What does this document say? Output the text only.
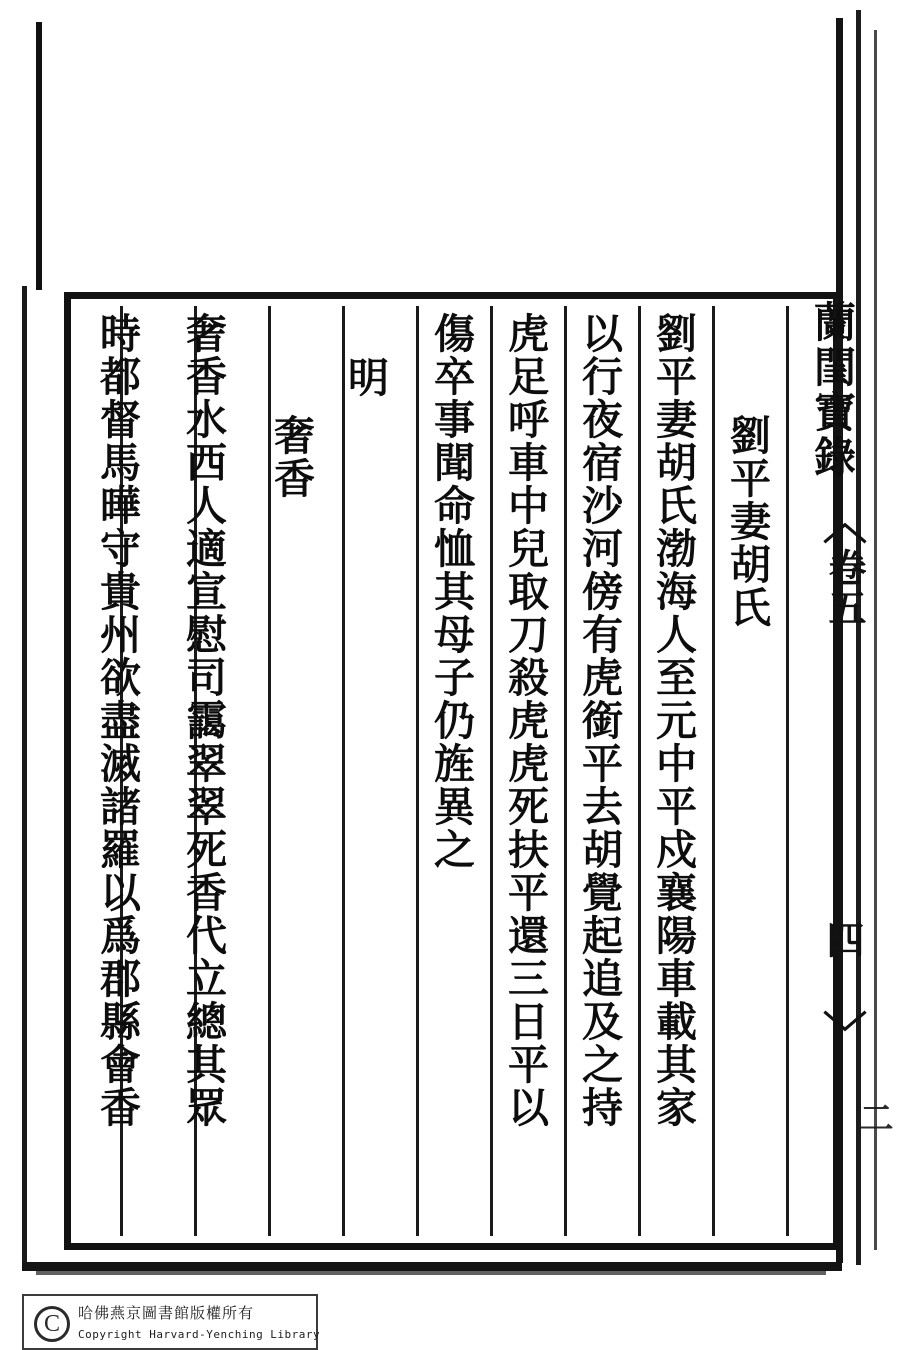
蘭閨寶錄
〈
卷五
四
〉
二
劉平妻胡氏
劉平妻胡氏渤海人至元中平戍襄陽車載其家
以行夜宿沙河傍有虎銜平去胡覺起追及之持
虎足呼車中兒取刀殺虎虎死扶平還三日平以
傷卒事聞命恤其母子仍旌異之
明
奢香
奢香水西人適宣慰司靄翠翠死香代立總其眾
時都督馬曄守貴州欲盡滅諸羅以爲郡縣會香
C	哈佛燕京圖書館版權所有
Copyright Harvard-Yenching Library
